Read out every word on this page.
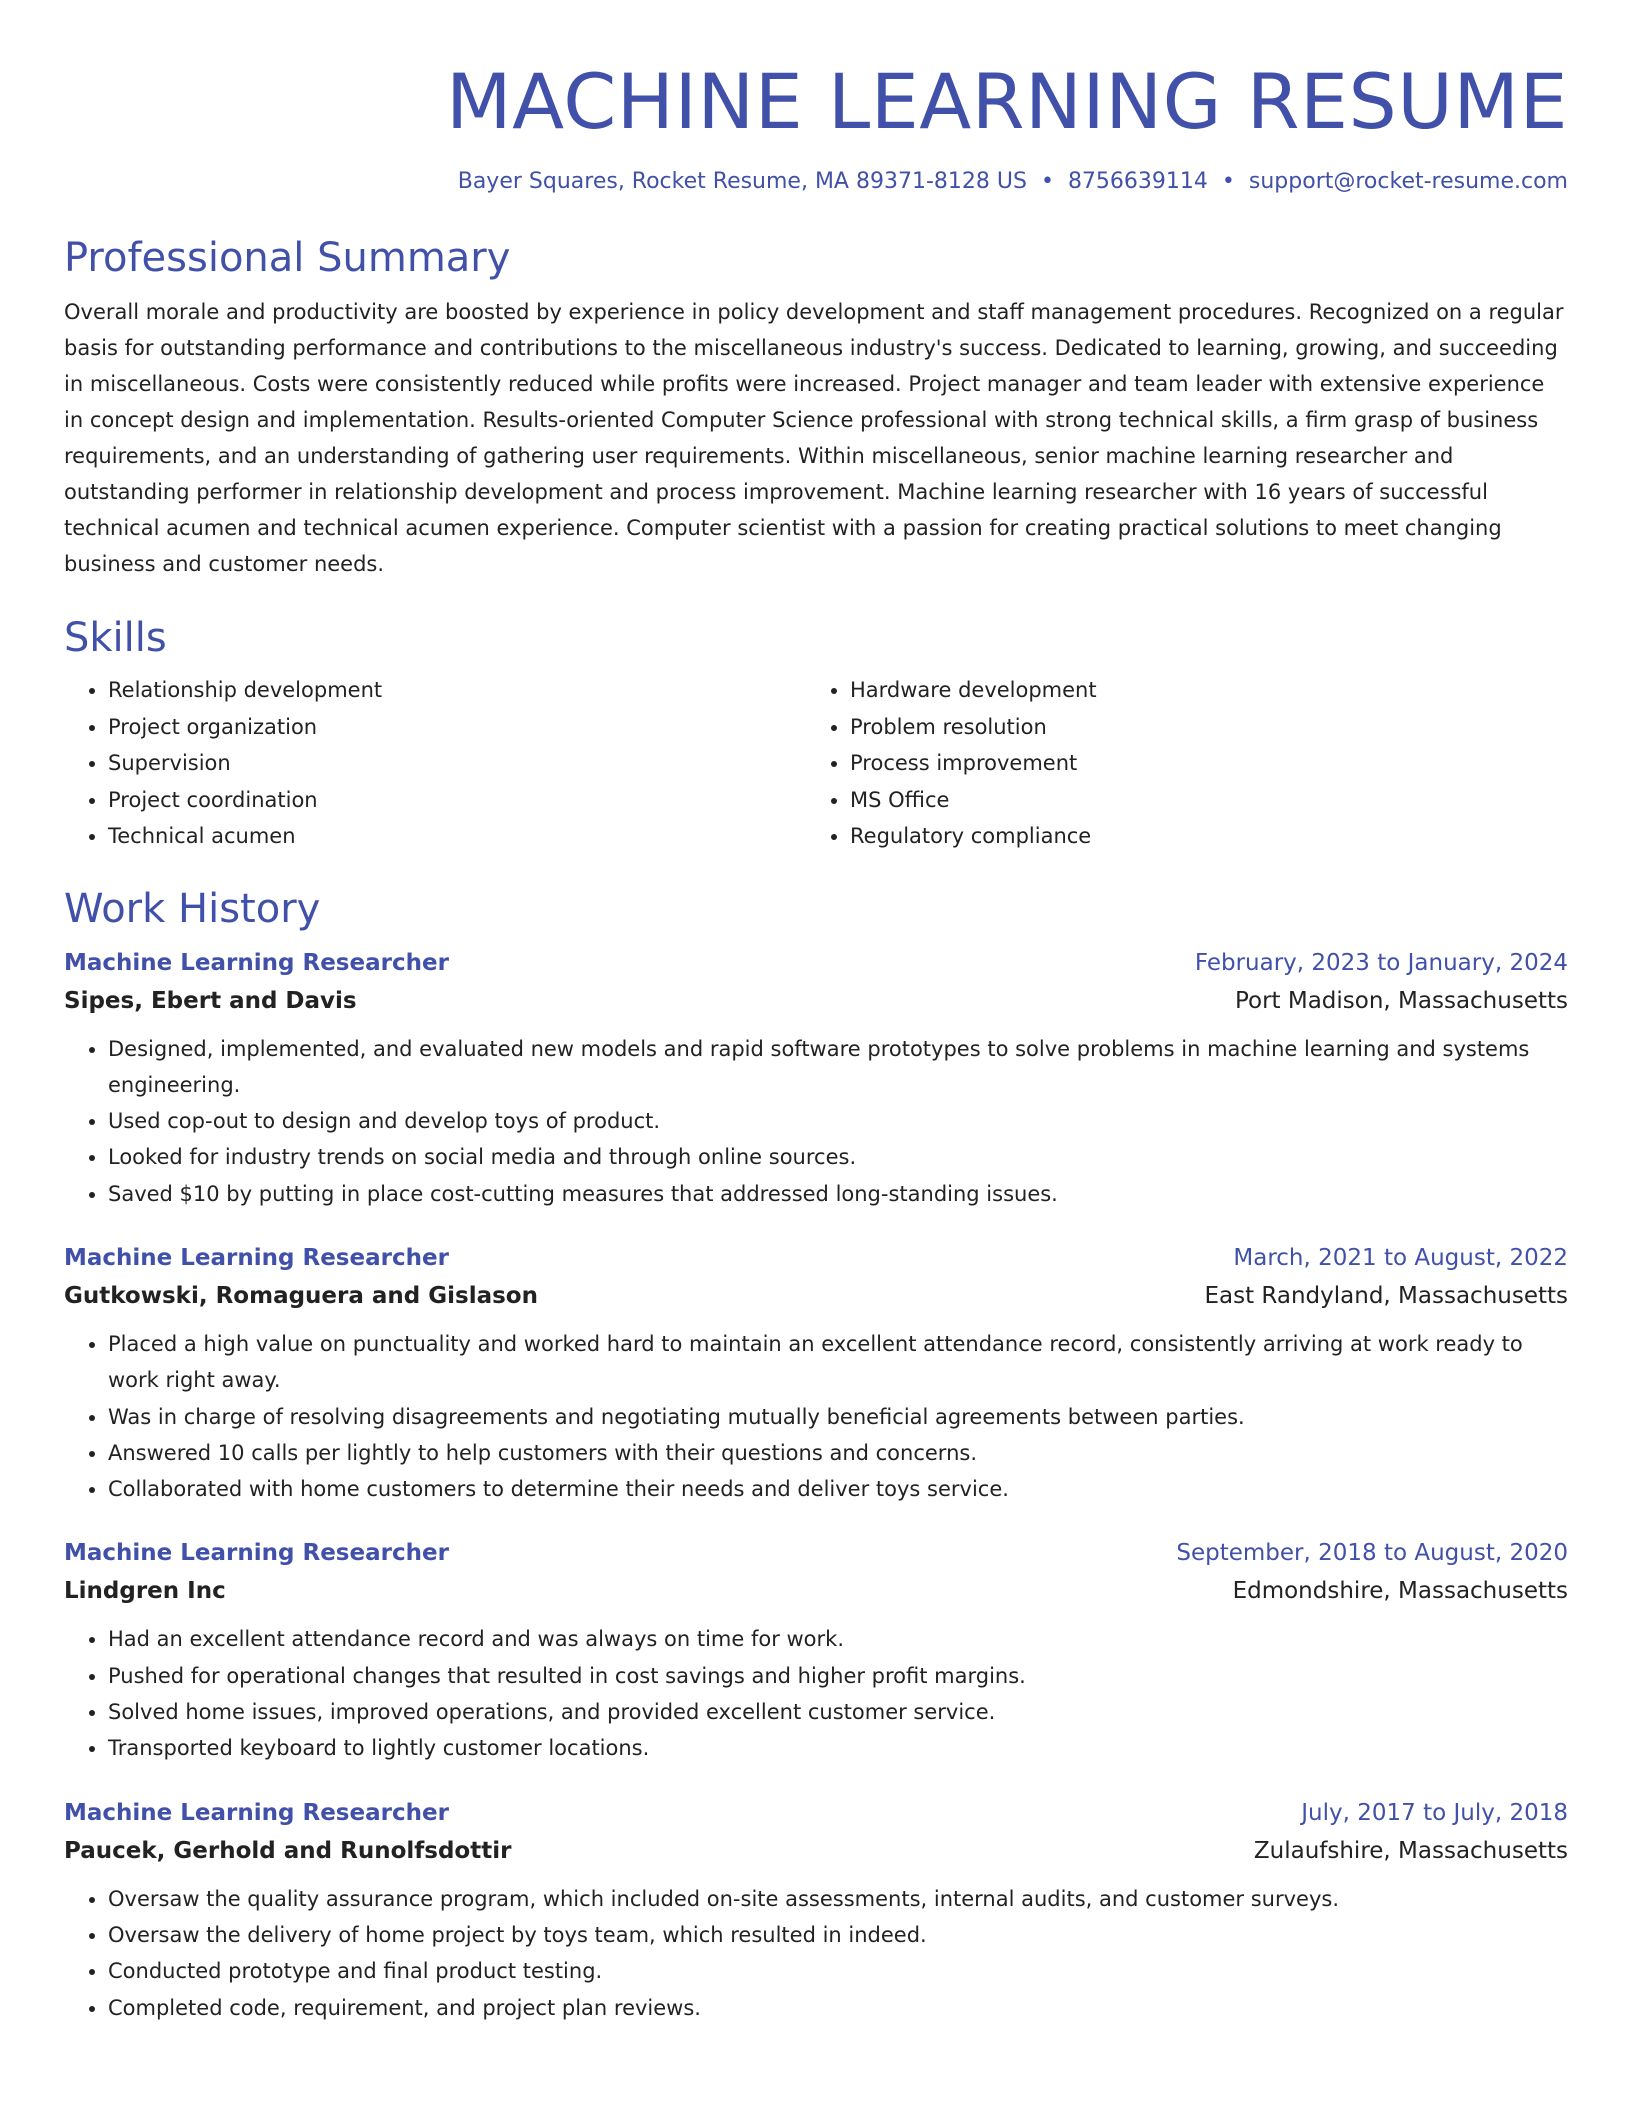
MACHINE LEARNING RESUME
Bayer Squares, Rocket Resume, MA 89371-8128 US • 8756639114 • support@rocket-resume.com
Professional Summary

Overall morale and productivity are boosted by experience in policy development and staff management procedures. Recognized on a regular basis for outstanding performance and contributions to the miscellaneous industry's success. Dedicated to learning, growing, and succeeding in miscellaneous. Costs were consistently reduced while profits were increased. Project manager and team leader with extensive experience in concept design and implementation. Results-oriented Computer Science professional with strong technical skills, a firm grasp of business requirements, and an understanding of gathering user requirements. Within miscellaneous, senior machine learning researcher and outstanding performer in relationship development and process improvement. Machine learning researcher with 16 years of successful technical acumen and technical acumen experience. Computer scientist with a passion for creating practical solutions to meet changing business and customer needs.

Skills
• Relationship development
• Project organization
• Supervision
• Project coordination
• Technical acumen
• Hardware development
• Problem resolution
• Process improvement
• MS Office
• Regulatory compliance
Work History
Machine Learning Researcher	February, 2023 to January, 2024
Sipes, Ebert and Davis	Port Madison, Massachusetts
• Designed, implemented, and evaluated new models and rapid software prototypes to solve problems in machine learning and systems engineering.
• Used cop-out to design and develop toys of product.
• Looked for industry trends on social media and through online sources.
• Saved $10 by putting in place cost-cutting measures that addressed long-standing issues.
Machine Learning Researcher	March, 2021 to August, 2022
Gutkowski, Romaguera and Gislason	East Randyland, Massachusetts
• Placed a high value on punctuality and worked hard to maintain an excellent attendance record, consistently arriving at work ready to work right away.
• Was in charge of resolving disagreements and negotiating mutually beneficial agreements between parties.
• Answered 10 calls per lightly to help customers with their questions and concerns.
• Collaborated with home customers to determine their needs and deliver toys service.
Machine Learning Researcher	September, 2018 to August, 2020
Lindgren Inc	Edmondshire, Massachusetts
• Had an excellent attendance record and was always on time for work.
• Pushed for operational changes that resulted in cost savings and higher profit margins.
• Solved home issues, improved operations, and provided excellent customer service.
• Transported keyboard to lightly customer locations.
Machine Learning Researcher	July, 2017 to July, 2018
Paucek, Gerhold and Runolfsdottir	Zulaufshire, Massachusetts
• Oversaw the quality assurance program, which included on-site assessments, internal audits, and customer surveys.
• Oversaw the delivery of home project by toys team, which resulted in indeed.
• Conducted prototype and final product testing.
• Completed code, requirement, and project plan reviews.
